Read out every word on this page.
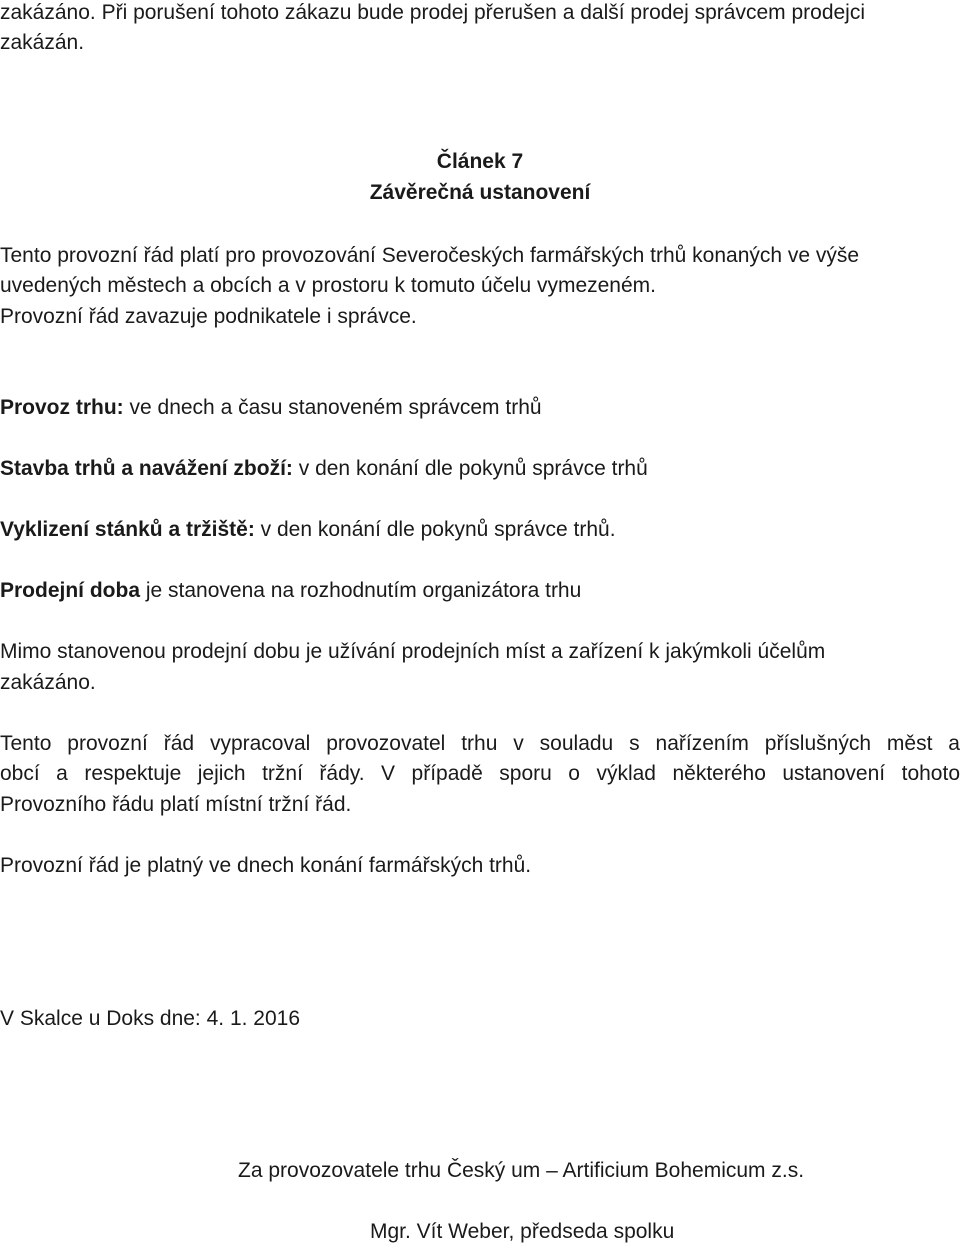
zakázáno. Při porušení tohoto zákazu bude prodej přerušen a další prodej správcem prodejci

zakázán.

Článek 7

Závěrečná ustanovení

Tento provozní řád platí pro provozování Severočeských farmářských trhů konaných ve výše

uvedených městech a obcích a v prostoru k tomuto účelu vymezeném.

Provozní řád zavazuje podnikatele i správce.

Provoz trhu: ve dnech a času stanoveném správcem trhů

Stavba trhů a navážení zboží: v den konání dle pokynů správce trhů

Vyklizení stánků a tržiště: v den konání dle pokynů správce trhů.

Prodejní doba je stanovena na rozhodnutím organizátora trhu

Mimo stanovenou prodejní dobu je užívání prodejních míst a zařízení k jakýmkoli účelům

zakázáno.

Tento provozní řád vypracoval provozovatel trhu v souladu s nařízením příslušných měst a

obcí a respektuje jejich tržní řády. V případě sporu o výklad některého ustanovení tohoto

Provozního řádu platí místní tržní řád.

Provozní řád je platný ve dnech konání farmářských trhů.

V Skalce u Doks dne: 4. 1. 2016

Za provozovatele trhu Český um – Artificium Bohemicum z.s.

Mgr. Vít Weber, předseda spolku
